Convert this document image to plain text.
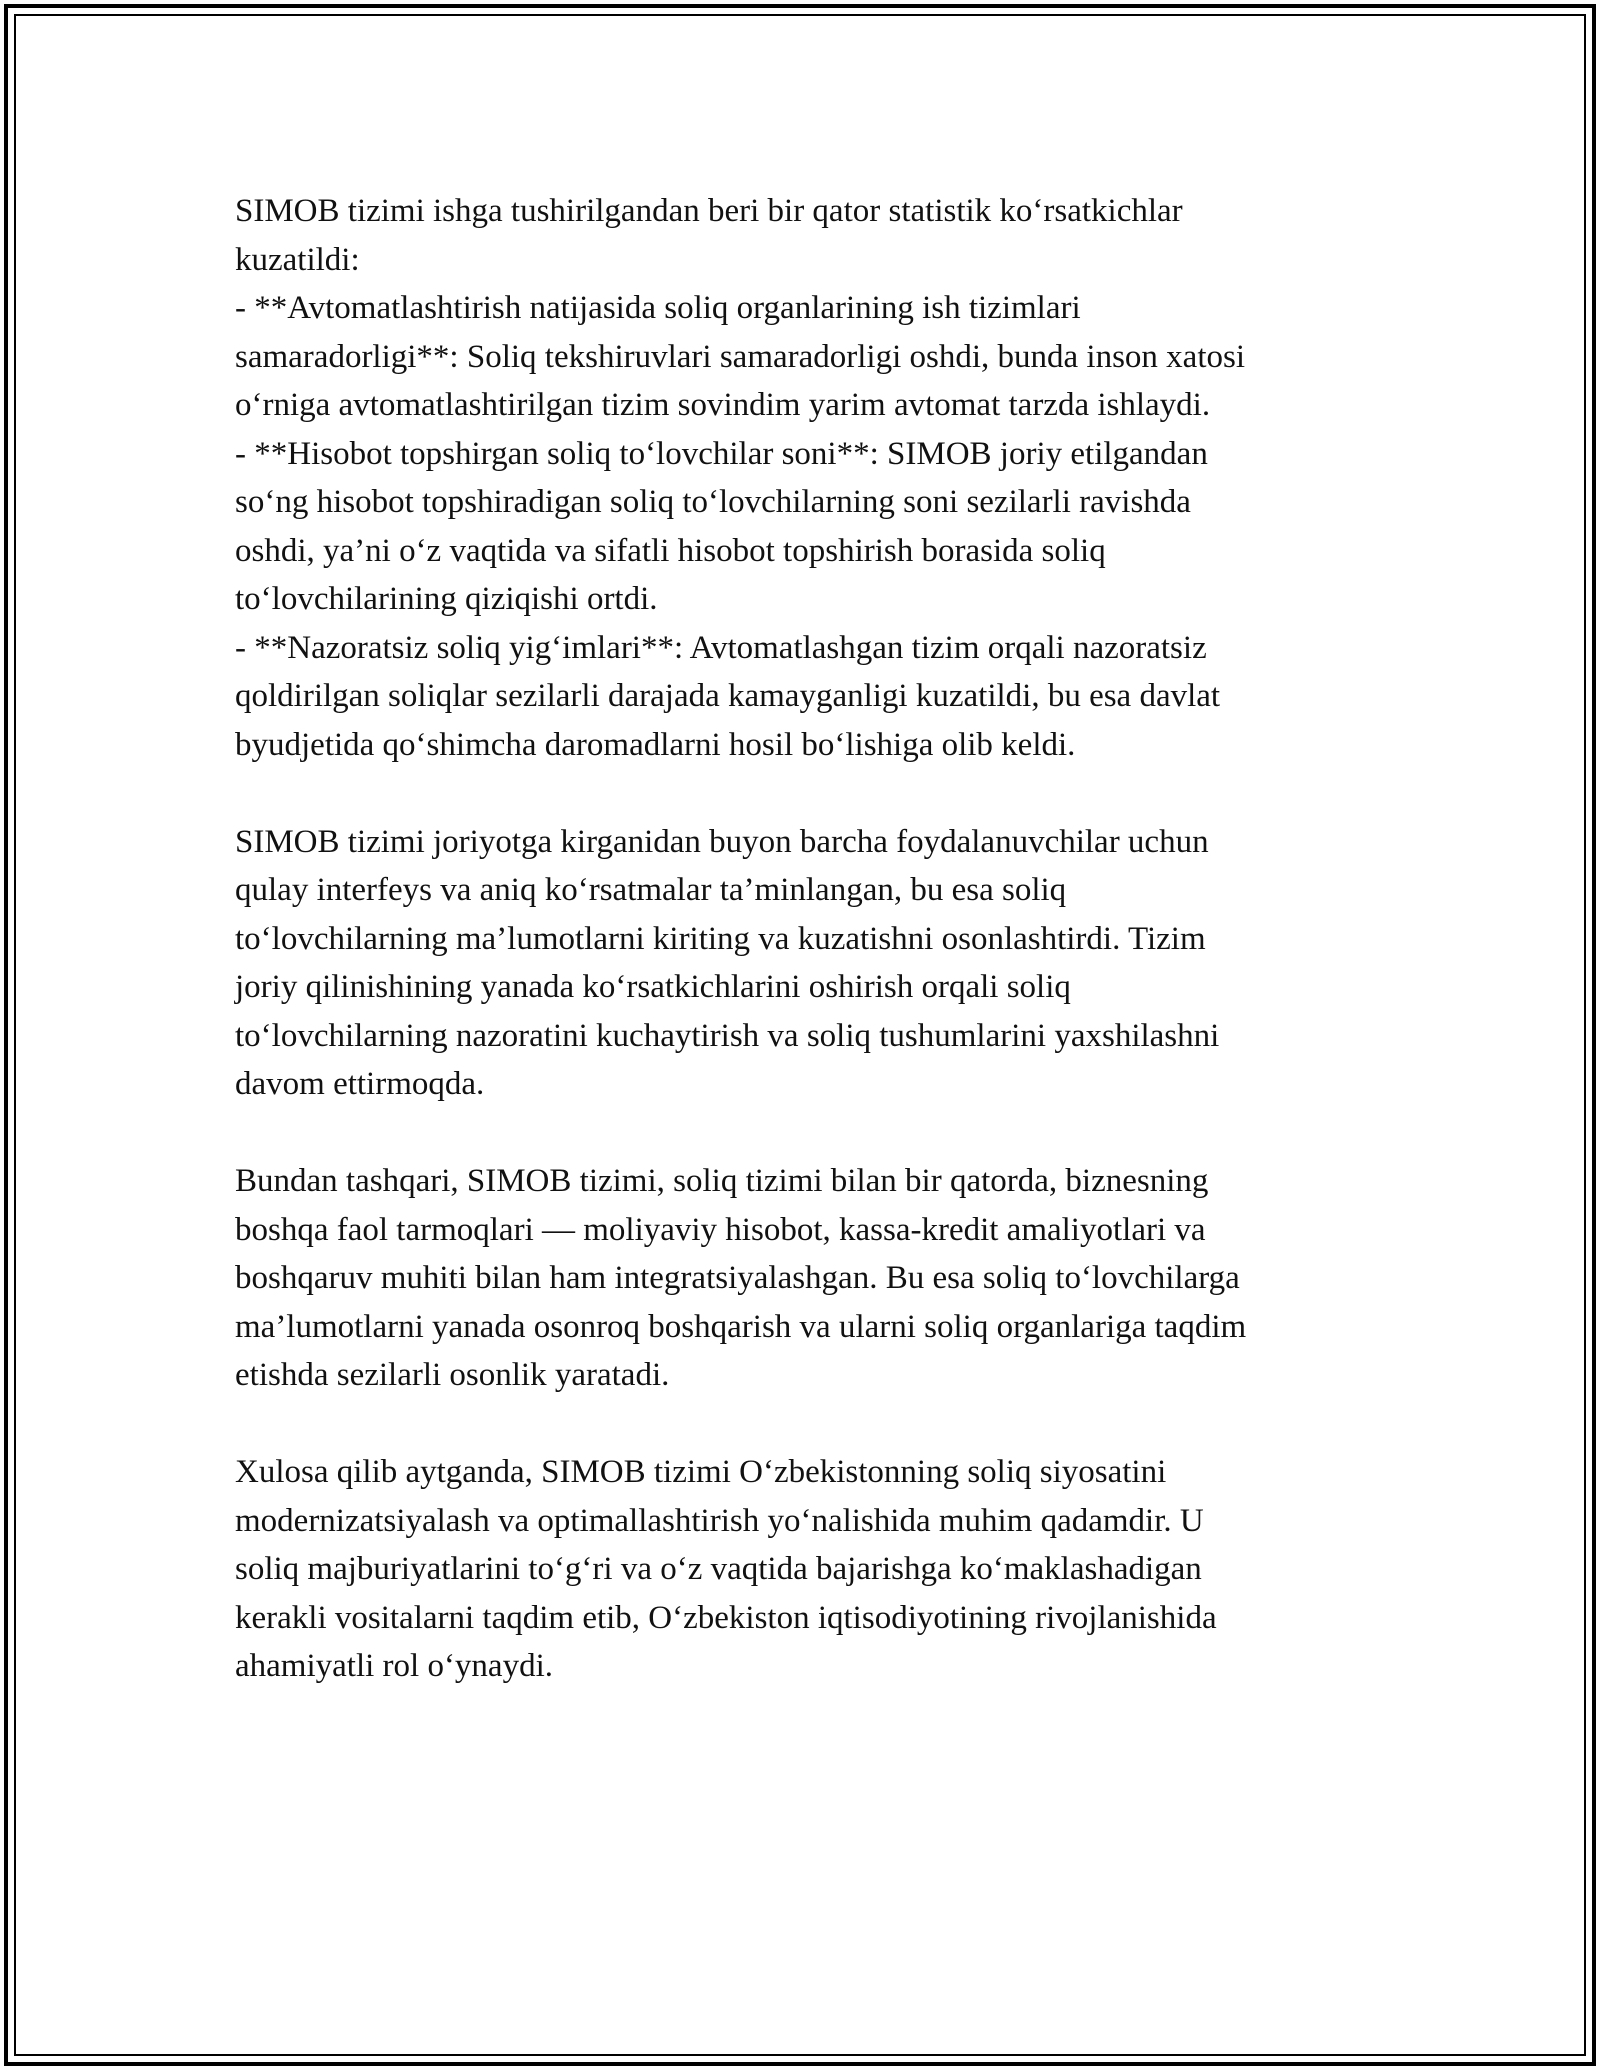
SIMOB tizimi ishga tushirilgandan beri bir qator statistik ko‘rsatkichlar
kuzatildi:
- **Avtomatlashtirish natijasida soliq organlarining ish tizimlari
samaradorligi**: Soliq tekshiruvlari samaradorligi oshdi, bunda inson xatosi
o‘rniga avtomatlashtirilgan tizim sovindim yarim avtomat tarzda ishlaydi.
- **Hisobot topshirgan soliq to‘lovchilar soni**: SIMOB joriy etilgandan
so‘ng hisobot topshiradigan soliq to‘lovchilarning soni sezilarli ravishda
oshdi, ya’ni o‘z vaqtida va sifatli hisobot topshirish borasida soliq
to‘lovchilarining qiziqishi ortdi.
- **Nazoratsiz soliq yig‘imlari**: Avtomatlashgan tizim orqali nazoratsiz
qoldirilgan soliqlar sezilarli darajada kamayganligi kuzatildi, bu esa davlat
byudjetida qo‘shimcha daromadlarni hosil bo‘lishiga olib keldi.

SIMOB tizimi joriyotga kirganidan buyon barcha foydalanuvchilar uchun
qulay interfeys va aniq ko‘rsatmalar ta’minlangan, bu esa soliq
to‘lovchilarning ma’lumotlarni kiriting va kuzatishni osonlashtirdi. Tizim
joriy qilinishining yanada ko‘rsatkichlarini oshirish orqali soliq
to‘lovchilarning nazoratini kuchaytirish va soliq tushumlarini yaxshilashni
davom ettirmoqda.

Bundan tashqari, SIMOB tizimi, soliq tizimi bilan bir qatorda, biznesning
boshqa faol tarmoqlari — moliyaviy hisobot, kassa-kredit amaliyotlari va
boshqaruv muhiti bilan ham integratsiyalashgan. Bu esa soliq to‘lovchilarga
ma’lumotlarni yanada osonroq boshqarish va ularni soliq organlariga taqdim
etishda sezilarli osonlik yaratadi.

Xulosa qilib aytganda, SIMOB tizimi O‘zbekistonning soliq siyosatini
modernizatsiyalash va optimallashtirish yo‘nalishida muhim qadamdir. U
soliq majburiyatlarini to‘g‘ri va o‘z vaqtida bajarishga ko‘maklashadigan
kerakli vositalarni taqdim etib, O‘zbekiston iqtisodiyotining rivojlanishida
ahamiyatli rol o‘ynaydi.
